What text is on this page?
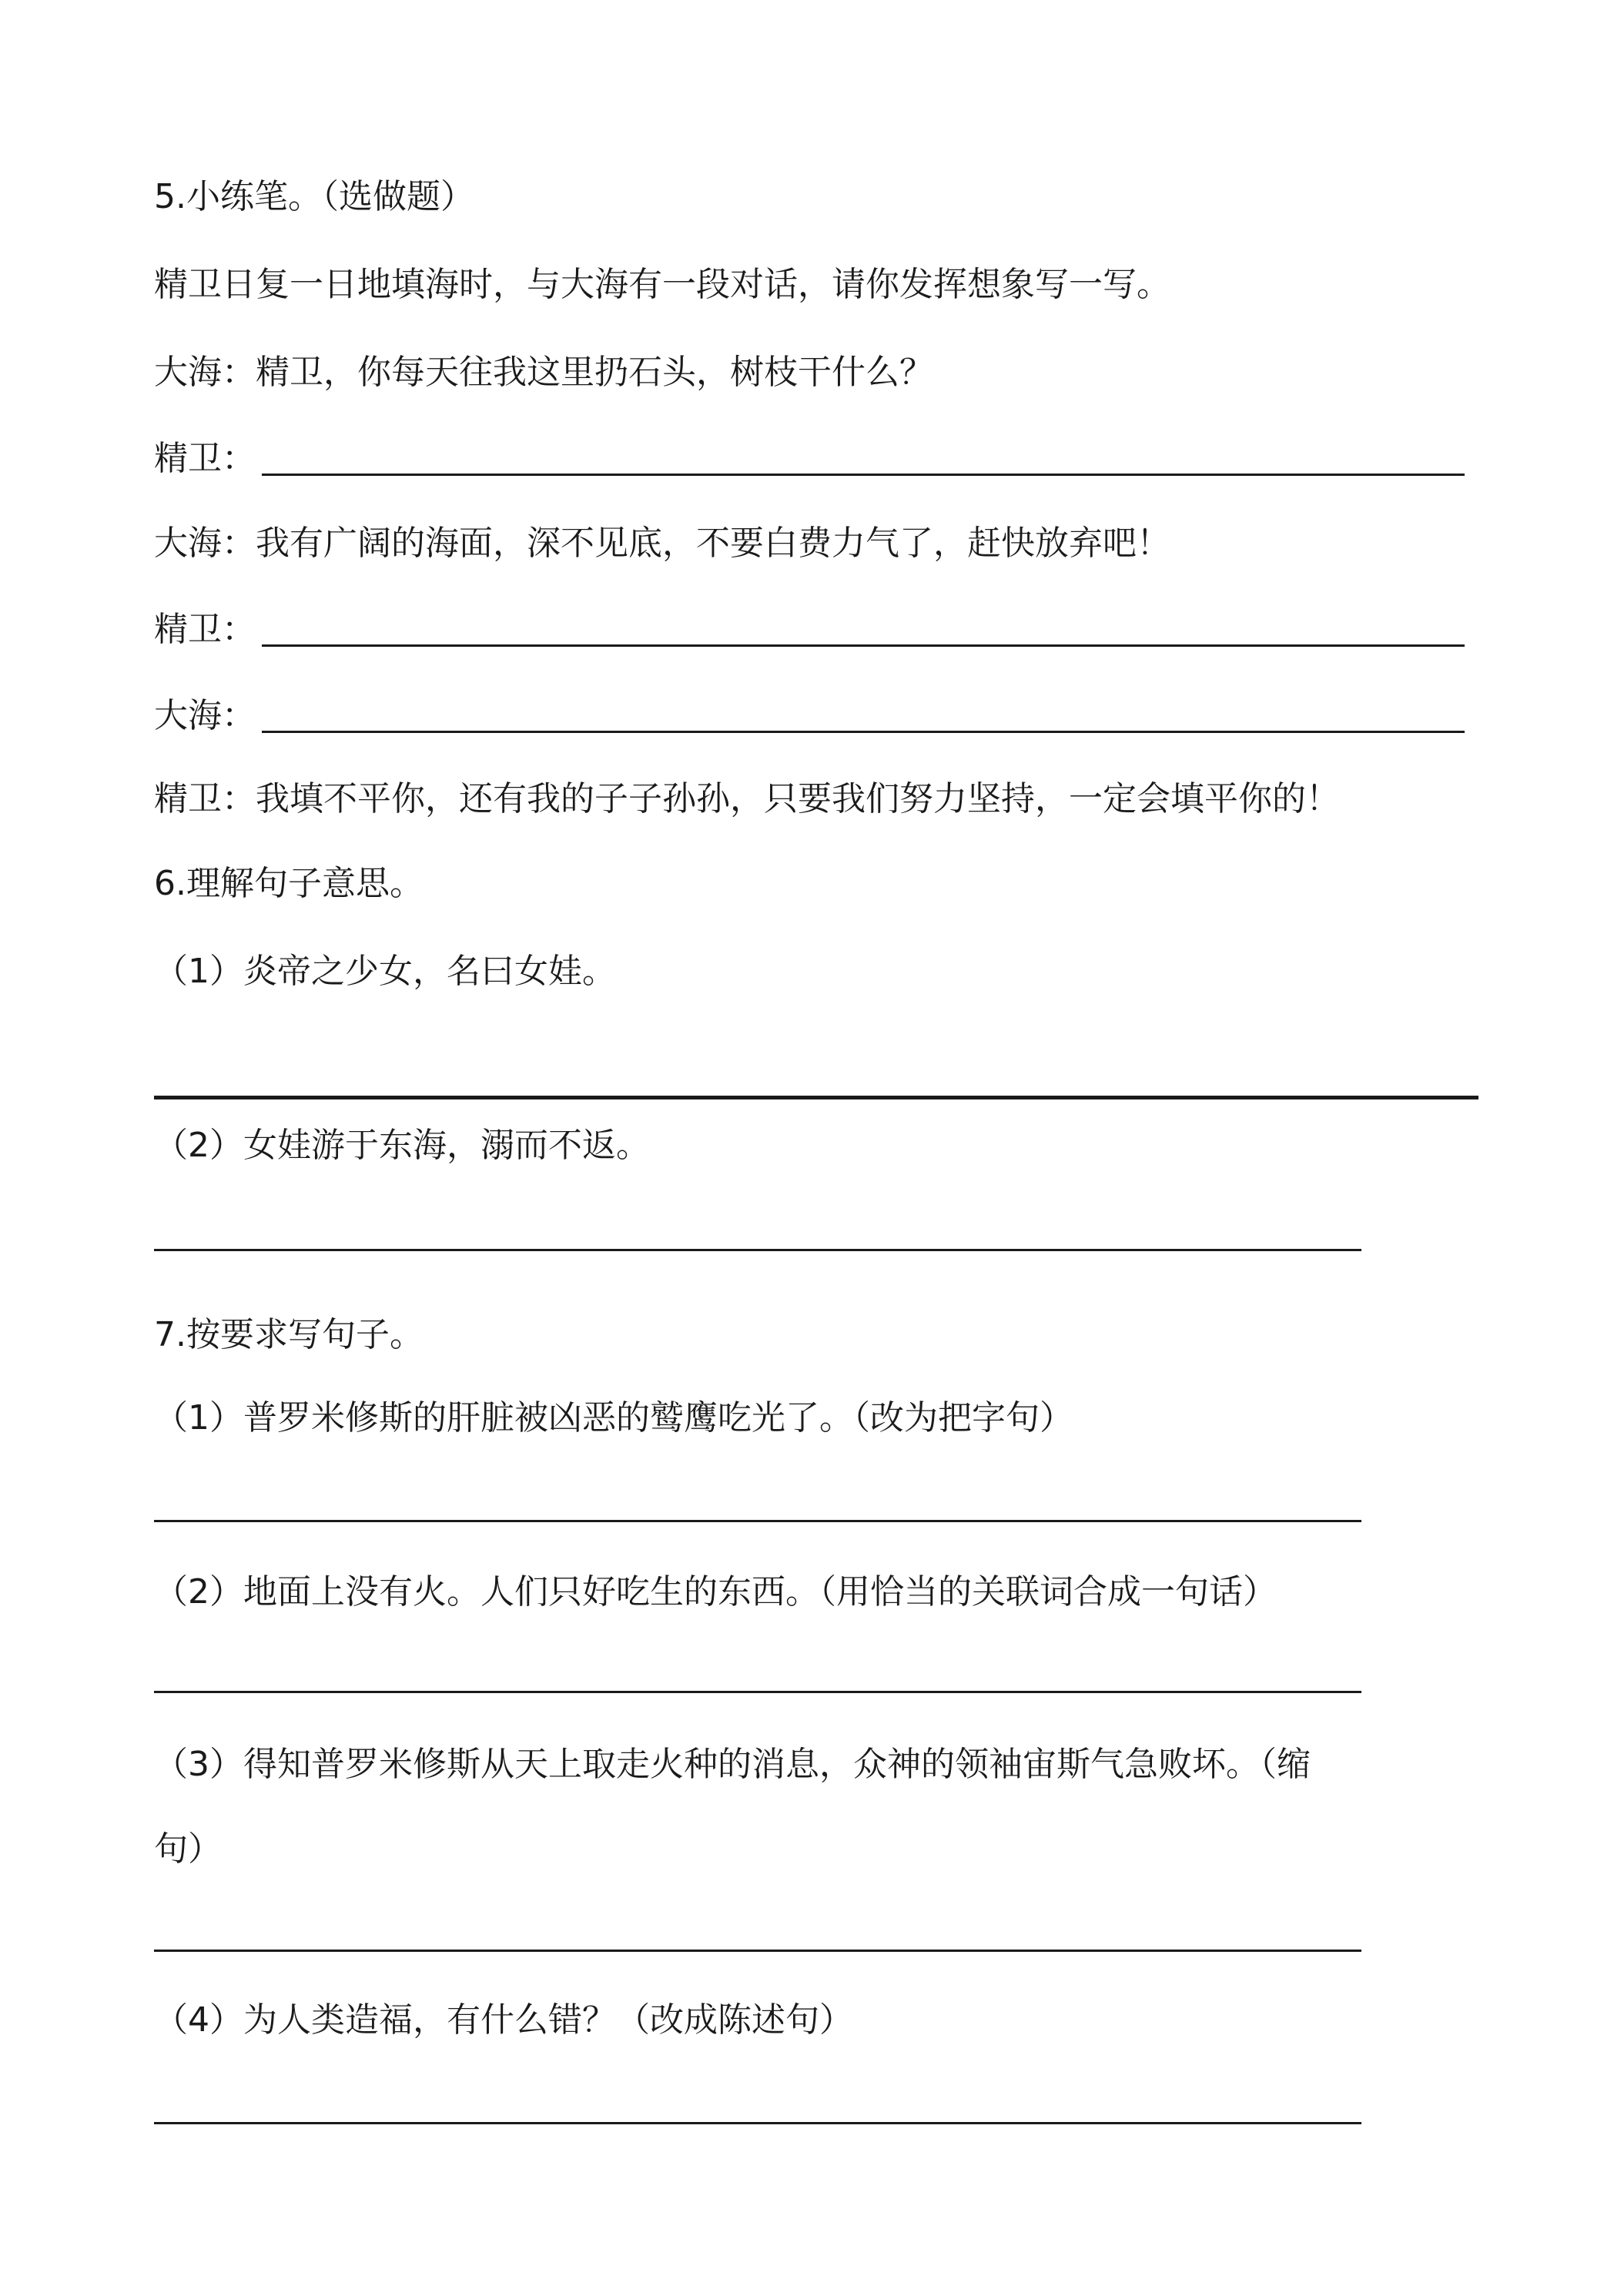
5.小练笔。（选做题）
精卫日复一日地填海时，与大海有一段对话，请你发挥想象写一写。
大海：精卫，你每天往我这里扔石头，树枝干什么？
精卫：
大海：我有广阔的海面，深不见底，不要白费力气了，赶快放弃吧！
精卫：
大海：
精卫：我填不平你，还有我的子子孙孙，只要我们努力坚持，一定会填平你的！
6.理解句子意思。
（1）炎帝之少女，名曰女娃。
（2）女娃游于东海，溺而不返。
7.按要求写句子。
（1）普罗米修斯的肝脏被凶恶的鹫鹰吃光了。（改为把字句）
（2）地面上没有火。人们只好吃生的东西。（用恰当的关联词合成一句话）
（3）得知普罗米修斯从天上取走火种的消息，众神的领袖宙斯气急败坏。（缩
句）
（4）为人类造福，有什么错？（改成陈述句）
